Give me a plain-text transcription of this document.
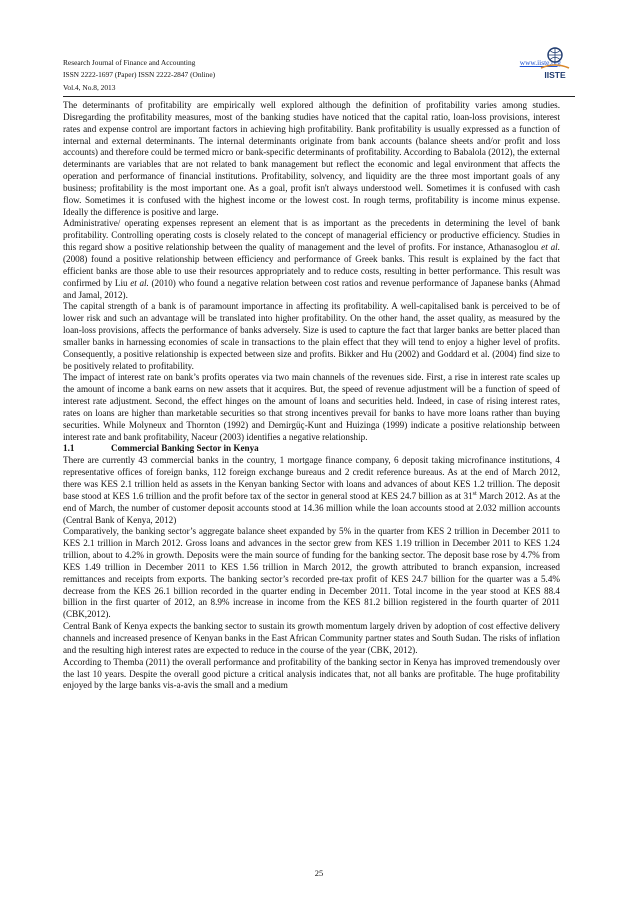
Research Journal of Finance and Accounting
ISSN 2222-1697 (Paper) ISSN 2222-2847 (Online)
Vol.4, No.8, 2013
www.iiste.org
IISTE

The determinants of profitability are empirically well explored although the definition of profitability varies among studies. Disregarding the profitability measures, most of the banking studies have noticed that the capital ratio, loan-loss provisions, interest rates and expense control are important factors in achieving high profitability. Bank profitability is usually expressed as a function of internal and external determinants. The internal determinants originate from bank accounts (balance sheets and/or profit and loss accounts) and therefore could be termed micro or bank-specific determinants of profitability. According to Babalola (2012), the external determinants are variables that are not related to bank management but reflect the economic and legal environment that affects the operation and performance of financial institutions. Profitability, solvency, and liquidity are the three most important goals of any business; profitability is the most important one. As a goal, profit isn't always understood well. Sometimes it is confused with cash flow. Sometimes it is confused with the highest income or the lowest cost. In rough terms, profitability is income minus expense. Ideally the difference is positive and large.

Administrative/ operating expenses represent an element that is as important as the precedents in determining the level of bank profitability. Controlling operating costs is closely related to the concept of managerial efficiency or productive efficiency. Studies in this regard show a positive relationship between the quality of management and the level of profits. For instance, Athanasoglou et al. (2008) found a positive relationship between efficiency and performance of Greek banks. This result is explained by the fact that efficient banks are those able to use their resources appropriately and to reduce costs, resulting in better performance. This result was confirmed by Liu et al. (2010) who found a negative relation between cost ratios and revenue performance of Japanese banks (Ahmad and Jamal, 2012).

The capital strength of a bank is of paramount importance in affecting its profitability. A well-capitalised bank is perceived to be of lower risk and such an advantage will be translated into higher profitability. On the other hand, the asset quality, as measured by the loan-loss provisions, affects the performance of banks adversely. Size is used to capture the fact that larger banks are better placed than smaller banks in harnessing economies of scale in transactions to the plain effect that they will tend to enjoy a higher level of profits. Consequently, a positive relationship is expected between size and profits. Bikker and Hu (2002) and Goddard et al. (2004) find size to be positively related to profitability.

The impact of interest rate on bank’s profits operates via two main channels of the revenues side. First, a rise in interest rate scales up the amount of income a bank earns on new assets that it acquires. But, the speed of revenue adjustment will be a function of speed of interest rate adjustment. Second, the effect hinges on the amount of loans and securities held. Indeed, in case of rising interest rates, rates on loans are higher than marketable securities so that strong incentives prevail for banks to have more loans rather than buying securities. While Molyneux and Thornton (1992) and Demirgüç-Kunt and Huizinga (1999) indicate a positive relationship between interest rate and bank profitability, Naceur (2003) identifies a negative relationship.

1.1	Commercial Banking Sector in Kenya

There are currently 43 commercial banks in the country, 1 mortgage finance company, 6 deposit taking microfinance institutions, 4 representative offices of foreign banks, 112 foreign exchange bureaus and 2 credit reference bureaus. As at the end of March 2012, there was KES 2.1 trillion held as assets in the Kenyan banking Sector with loans and advances of about KES 1.2 trillion. The deposit base stood at KES 1.6 trillion and the profit before tax of the sector in general stood at KES 24.7 billion as at 31st March 2012. As at the end of March, the number of customer deposit accounts stood at 14.36 million while the loan accounts stood at 2.032 million accounts (Central Bank of Kenya, 2012)

Comparatively, the banking sector’s aggregate balance sheet expanded by 5% in the quarter from KES 2 trillion in December 2011 to KES 2.1 trillion in March 2012. Gross loans and advances in the sector grew from KES 1.19 trillion in December 2011 to KES 1.24 trillion, about to 4.2% in growth. Deposits were the main source of funding for the banking sector. The deposit base rose by 4.7% from KES 1.49 trillion in December 2011 to KES 1.56 trillion in March 2012, the growth attributed to branch expansion, increased remittances and receipts from exports. The banking sector’s recorded pre-tax profit of KES 24.7 billion for the quarter was a 5.4% decrease from the KES 26.1 billion recorded in the quarter ending in December 2011. Total income in the year stood at KES 88.4 billion in the first quarter of 2012, an 8.9% increase in income from the KES 81.2 billion registered in the fourth quarter of 2011 (CBK,2012).

Central Bank of Kenya expects the banking sector to sustain its growth momentum largely driven by adoption of cost effective delivery channels and increased presence of Kenyan banks in the East African Community partner states and South Sudan. The risks of inflation and the resulting high interest rates are expected to reduce in the course of the year (CBK, 2012).

According to Themba (2011) the overall performance and profitability of the banking sector in Kenya has improved tremendously over the last 10 years. Despite the overall good picture a critical analysis indicates that, not all banks are profitable. The huge profitability enjoyed by the large banks vis-a-avis the small and a medium

25
